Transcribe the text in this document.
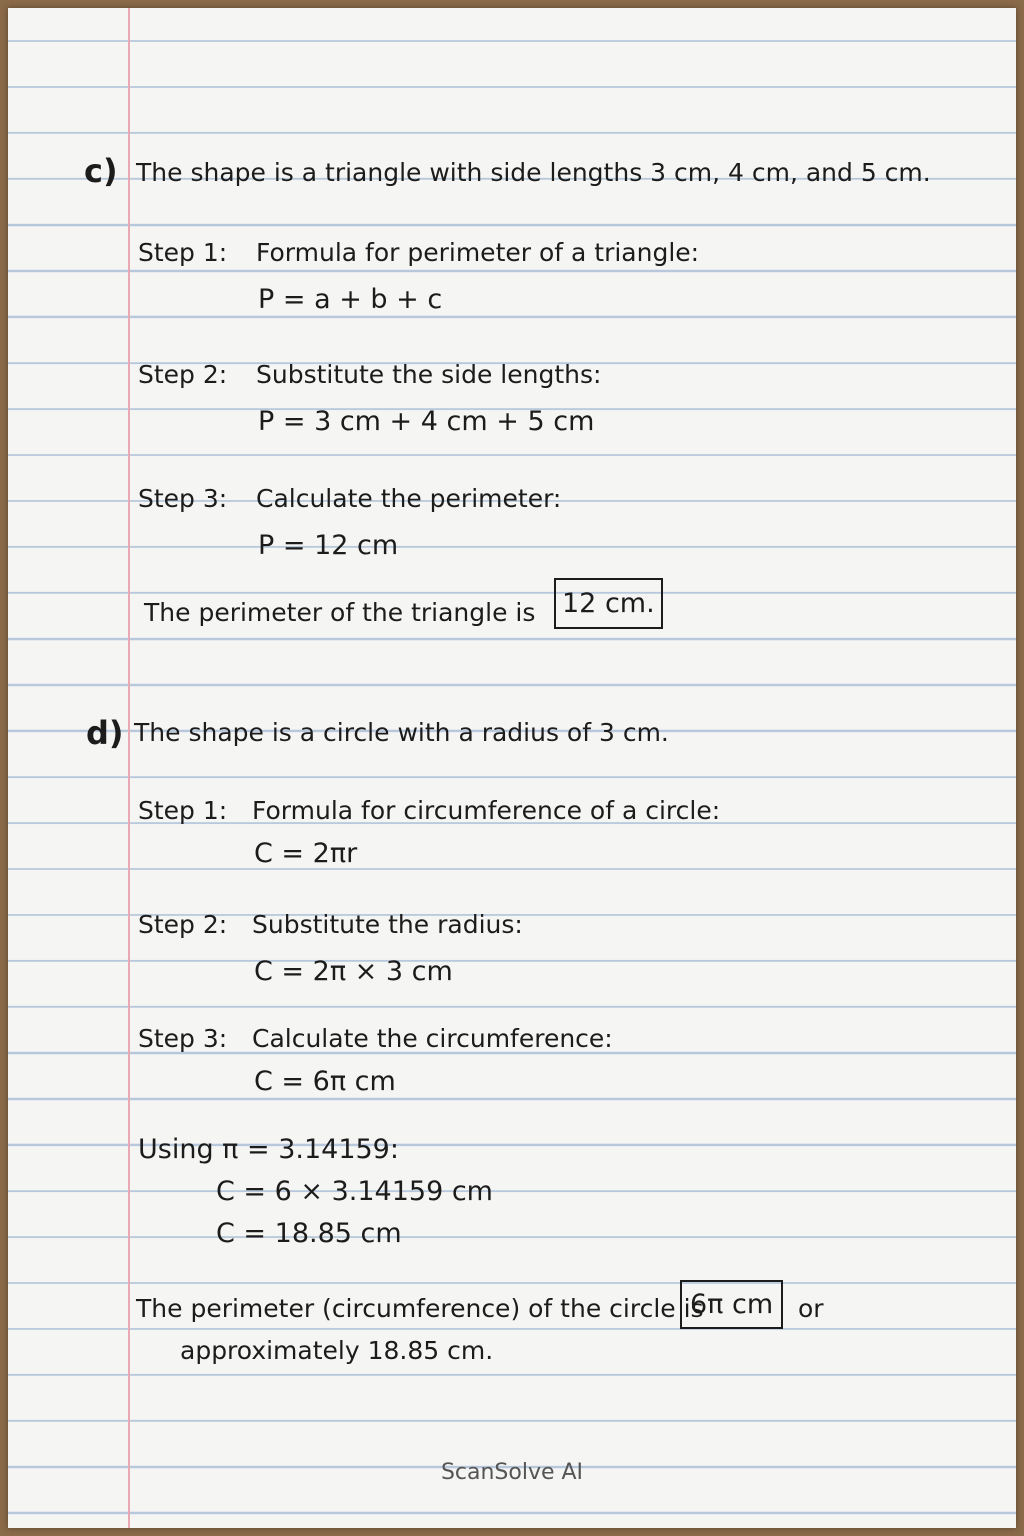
c) The shape is a triangle with side lengths 3 cm, 4 cm, and 5 cm.
Step 1: Formula for perimeter of a triangle:
P = a + b + c
Step 2: Substitute the side lengths:
P = 3 cm + 4 cm + 5 cm
Step 3: Calculate the perimeter:
P = 12 cm
The perimeter of the triangle is 12 cm.
d) The shape is a circle with a radius of 3 cm.
Step 1: Formula for circumference of a circle:
C = 2πr
Step 2: Substitute the radius:
C = 2π × 3 cm
Step 3: Calculate the circumference:
C = 6π cm
Using π = 3.14159:
C = 6 × 3.14159 cm
C = 18.85 cm
The perimeter (circumference) of the circle is
6π cm or
approximately 18.85 cm.
ScanSolve AI
